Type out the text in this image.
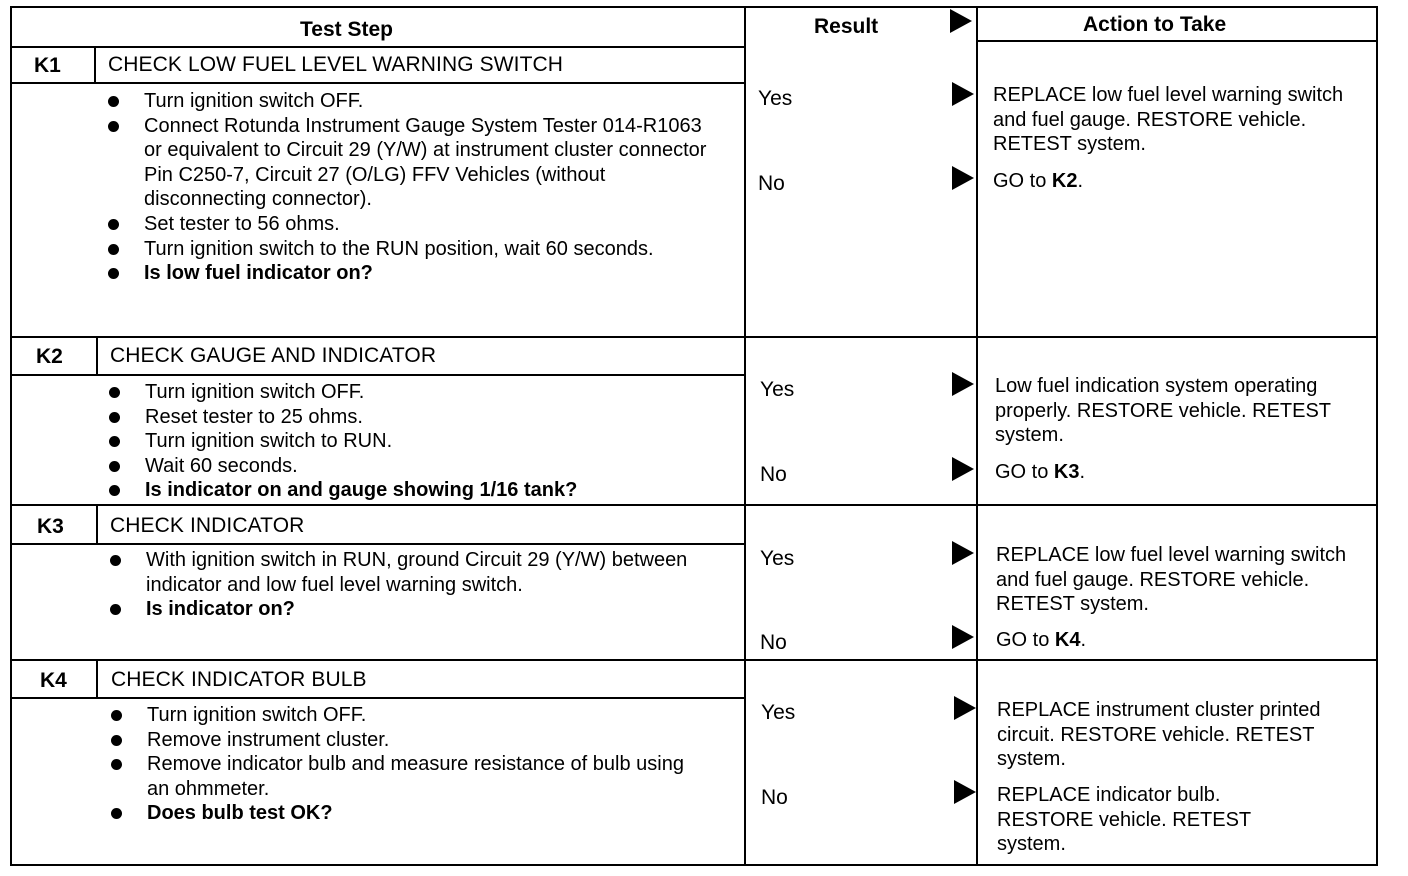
Test Step	Result	Action to Take
K1 CHECK LOW FUEL LEVEL WARNING SWITCH
Turn ignition switch OFF.
Connect Rotunda Instrument Gauge System Tester 014-R1063 or equivalent to Circuit 29 (Y/W) at instrument cluster connector Pin C250-7, Circuit 27 (O/LG) FFV Vehicles (without disconnecting connector).
Set tester to 56 ohms.
Turn ignition switch to the RUN position, wait 60 seconds.
Is low fuel indicator on?
Yes	REPLACE low fuel level warning switch and fuel gauge. RESTORE vehicle. RETEST system.
No	GO to K2.
K2 CHECK GAUGE AND INDICATOR
Turn ignition switch OFF.
Reset tester to 25 ohms.
Turn ignition switch to RUN.
Wait 60 seconds.
Is indicator on and gauge showing 1/16 tank?
Yes	Low fuel indication system operating properly. RESTORE vehicle. RETEST system.
No	GO to K3.
K3 CHECK INDICATOR
With ignition switch in RUN, ground Circuit 29 (Y/W) between indicator and low fuel level warning switch.
Is indicator on?
Yes	REPLACE low fuel level warning switch and fuel gauge. RESTORE vehicle. RETEST system.
No	GO to K4.
K4 CHECK INDICATOR BULB
Turn ignition switch OFF.
Remove instrument cluster.
Remove indicator bulb and measure resistance of bulb using an ohmmeter.
Does bulb test OK?
Yes	REPLACE instrument cluster printed circuit. RESTORE vehicle. RETEST system.
No	REPLACE indicator bulb. RESTORE vehicle. RETEST system.
